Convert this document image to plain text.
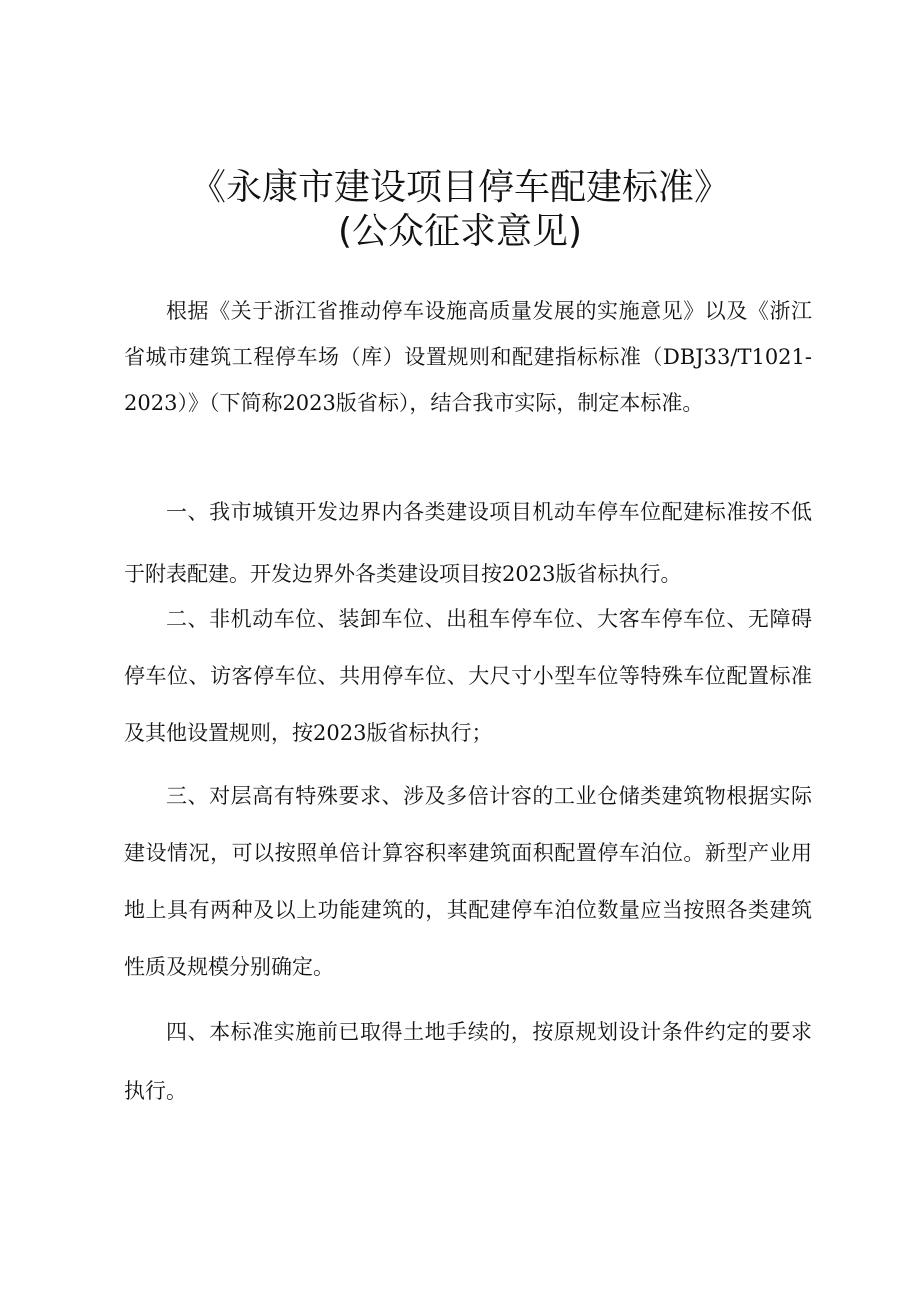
《永康市建设项目停车配建标准》
(公众征求意见)

根据《关于浙江省推动停车设施高质量发展的实施意见》以及《浙江省城市建筑工程停车场（库）设置规则和配建指标标准（DBJ33/T1021-2023）》（下简称2023版省标），结合我市实际，制定本标准。

一、我市城镇开发边界内各类建设项目机动车停车位配建标准按不低于附表配建。开发边界外各类建设项目按2023版省标执行。

二、非机动车位、装卸车位、出租车停车位、大客车停车位、无障碍停车位、访客停车位、共用停车位、大尺寸小型车位等特殊车位配置标准及其他设置规则，按2023版省标执行；

三、对层高有特殊要求、涉及多倍计容的工业仓储类建筑物根据实际建设情况，可以按照单倍计算容积率建筑面积配置停车泊位。新型产业用地上具有两种及以上功能建筑的，其配建停车泊位数量应当按照各类建筑性质及规模分别确定。

四、本标准实施前已取得土地手续的，按原规划设计条件约定的要求执行。
